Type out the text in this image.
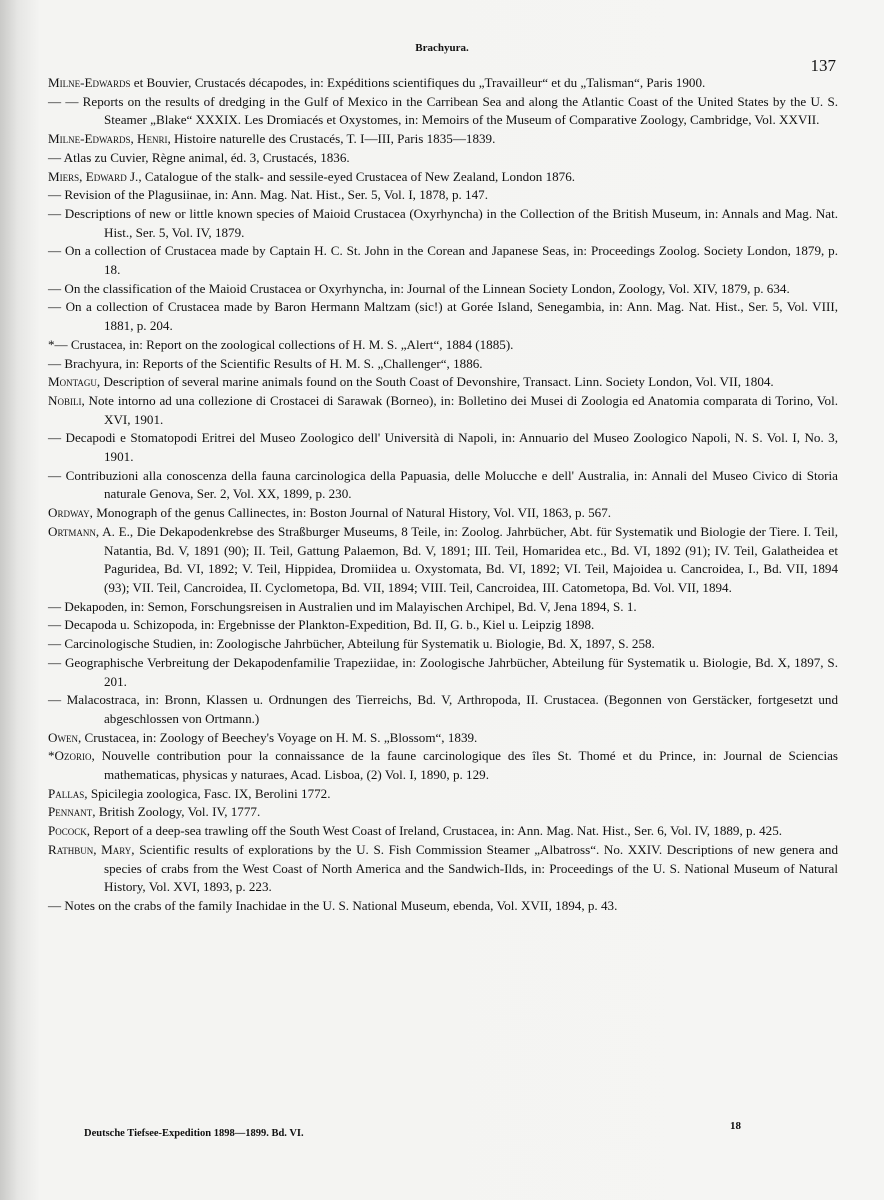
Brachyura.
137

Milne-Edwards et Bouvier, Crustacés décapodes, in: Expéditions scientifiques du „Travailleur“ et du „Talisman“, Paris 1900.

— — Reports on the results of dredging in the Gulf of Mexico in the Carribean Sea and along the Atlantic Coast of the United States by the U. S. Steamer „Blake“ XXXIX. Les Dromiacés et Oxystomes, in: Memoirs of the Museum of Comparative Zoology, Cambridge, Vol. XXVII.

Milne-Edwards, Henri, Histoire naturelle des Crustacés, T. I—III, Paris 1835—1839.

— Atlas zu Cuvier, Règne animal, éd. 3, Crustacés, 1836.

Miers, Edward J., Catalogue of the stalk- and sessile-eyed Crustacea of New Zealand, London 1876.

— Revision of the Plagusiinae, in: Ann. Mag. Nat. Hist., Ser. 5, Vol. I, 1878, p. 147.

— Descriptions of new or little known species of Maioid Crustacea (Oxyrhyncha) in the Collection of the British Museum, in: Annals and Mag. Nat. Hist., Ser. 5, Vol. IV, 1879.

— On a collection of Crustacea made by Captain H. C. St. John in the Corean and Japanese Seas, in: Proceedings Zoolog. Society London, 1879, p. 18.

— On the classification of the Maioid Crustacea or Oxyrhyncha, in: Journal of the Linnean Society London, Zoology, Vol. XIV, 1879, p. 634.

— On a collection of Crustacea made by Baron Hermann Maltzam (sic!) at Gorée Island, Senegambia, in: Ann. Mag. Nat. Hist., Ser. 5, Vol. VIII, 1881, p. 204.

*— Crustacea, in: Report on the zoological collections of H. M. S. „Alert“, 1884 (1885).

— Brachyura, in: Reports of the Scientific Results of H. M. S. „Challenger“, 1886.

Montagu, Description of several marine animals found on the South Coast of Devonshire, Transact. Linn. Society London, Vol. VII, 1804.

Nobili, Note intorno ad una collezione di Crostacei di Sarawak (Borneo), in: Bolletino dei Musei di Zoologia ed Anatomia comparata di Torino, Vol. XVI, 1901.

— Decapodi e Stomatopodi Eritrei del Museo Zoologico dell' Università di Napoli, in: Annuario del Museo Zoologico Napoli, N. S. Vol. I, No. 3, 1901.

— Contribuzioni alla conoscenza della fauna carcinologica della Papuasia, delle Molucche e dell' Australia, in: Annali del Museo Civico di Storia naturale Genova, Ser. 2, Vol. XX, 1899, p. 230.

Ordway, Monograph of the genus Callinectes, in: Boston Journal of Natural History, Vol. VII, 1863, p. 567.

Ortmann, A. E., Die Dekapodenkrebse des Straßburger Museums, 8 Teile, in: Zoolog. Jahrbücher, Abt. für Systematik und Biologie der Tiere. I. Teil, Natantia, Bd. V, 1891 (90); II. Teil, Gattung Palaemon, Bd. V, 1891; III. Teil, Homaridea etc., Bd. VI, 1892 (91); IV. Teil, Galatheidea et Paguridea, Bd. VI, 1892; V. Teil, Hippidea, Dromiidea u. Oxystomata, Bd. VI, 1892; VI. Teil, Majoidea u. Cancroidea, I., Bd. VII, 1894 (93); VII. Teil, Cancroidea, II. Cyclometopa, Bd. VII, 1894; VIII. Teil, Cancroidea, III. Catometopa, Bd. Vol. VII, 1894.

— Dekapoden, in: Semon, Forschungsreisen in Australien und im Malayischen Archipel, Bd. V, Jena 1894, S. 1.

— Decapoda u. Schizopoda, in: Ergebnisse der Plankton-Expedition, Bd. II, G. b., Kiel u. Leipzig 1898.

— Carcinologische Studien, in: Zoologische Jahrbücher, Abteilung für Systematik u. Biologie, Bd. X, 1897, S. 258.

— Geographische Verbreitung der Dekapodenfamilie Trapeziidae, in: Zoologische Jahrbücher, Abteilung für Systematik u. Biologie, Bd. X, 1897, S. 201.

— Malacostraca, in: Bronn, Klassen u. Ordnungen des Tierreichs, Bd. V, Arthropoda, II. Crustacea. (Begonnen von Gerstäcker, fortgesetzt und abgeschlossen von Ortmann.)

Owen, Crustacea, in: Zoology of Beechey's Voyage on H. M. S. „Blossom“, 1839.

*Ozorio, Nouvelle contribution pour la connaissance de la faune carcinologique des îles St. Thomé et du Prince, in: Journal de Sciencias mathematicas, physicas y naturaes, Acad. Lisboa, (2) Vol. I, 1890, p. 129.

Pallas, Spicilegia zoologica, Fasc. IX, Berolini 1772.

Pennant, British Zoology, Vol. IV, 1777.

Pocock, Report of a deep-sea trawling off the South West Coast of Ireland, Crustacea, in: Ann. Mag. Nat. Hist., Ser. 6, Vol. IV, 1889, p. 425.

Rathbun, Mary, Scientific results of explorations by the U. S. Fish Commission Steamer „Albatross“. No. XXIV. Descriptions of new genera and species of crabs from the West Coast of North America and the Sandwich-Ilds, in: Proceedings of the U. S. National Museum of Natural History, Vol. XVI, 1893, p. 223.

— Notes on the crabs of the family Inachidae in the U. S. National Museum, ebenda, Vol. XVII, 1894, p. 43.

Deutsche Tiefsee-Expedition 1898—1899. Bd. VI.
18
